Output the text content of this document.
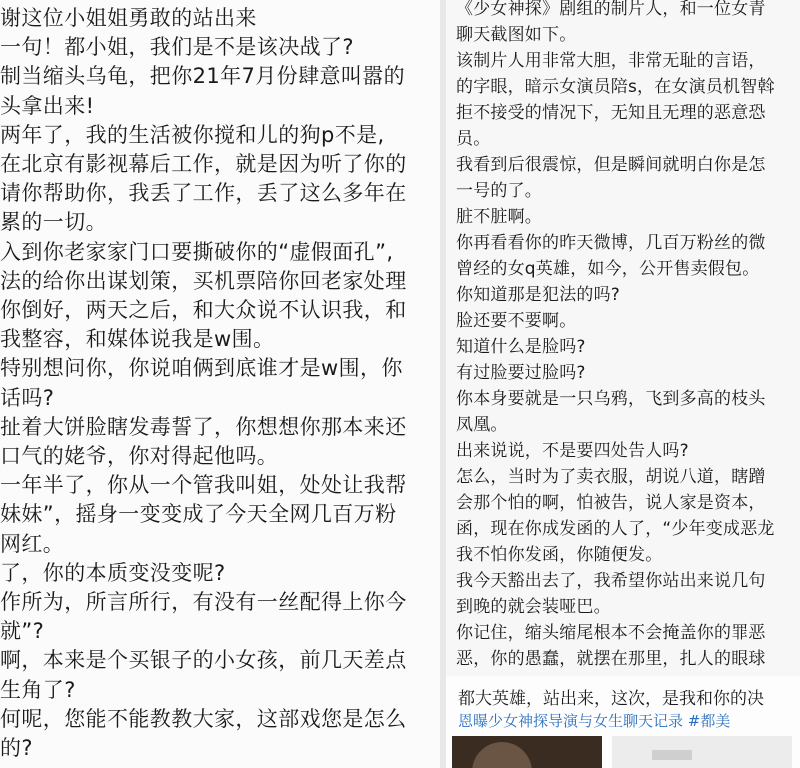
谢这位小姐姐勇敢的站出来
一句！都小姐，我们是不是该决战了?
制当缩头乌龟，把你21年7月份肆意叫嚣的
头拿出来!
两年了，我的生活被你搅和儿的狗p不是,
在北京有影视幕后工作，就是因为听了你的
请你帮助你，我丢了工作，丢了这么多年在
累的一切。
入到你老家家门口要撕破你的“虚假面孔”,
法的给你出谋划策，买机票陪你回老家处理
你倒好，两天之后，和大众说不认识我，和
我整容，和媒体说我是w围。
特别想问你，你说咱俩到底谁才是w围，你
话吗?
扯着大饼脸瞎发毒誓了，你想想你那本来还
口气的姥爷，你对得起他吗。
一年半了，你从一个管我叫姐，处处让我帮
妹妹”，摇身一变变成了今天全网几百万粉
网红。
了，你的本质变没变呢?
作所为，所言所行，有没有一丝配得上你今
就”?
啊，本来是个买银子的小女孩，前几天差点
生角了?
何呢，您能不能教教大家，这部戏您是怎么
的?
《少女神探》剧组的制片人，和一位女青
聊天截图如下。
该制片人用非常大胆，非常无耻的言语，
的字眼，暗示女演员陪s，在女演员机智斡
拒不接受的情况下，无知且无理的恶意恐
员。
我看到后很震惊，但是瞬间就明白你是怎
一号的了。
脏不脏啊。
你再看看你的昨天微博，几百万粉丝的微
曾经的女q英雄，如今，公开售卖假包。
你知道那是犯法的吗?
脸还要不要啊。
知道什么是脸吗?
有过脸要过脸吗?
你本身要就是一只乌鸦，飞到多高的枝头
凤凰。
出来说说，不是要四处告人吗?
怎么，当时为了卖衣服，胡说八道，瞎蹭
会那个怕的啊，怕被告，说人家是资本，
函，现在你成发函的人了，“少年变成恶龙
我不怕你发函，你随便发。
我今天豁出去了，我希望你站出来说几句
到晚的就会装哑巴。
你记住，缩头缩尾根本不会掩盖你的罪恶
恶，你的愚蠢，就摆在那里，扎人的眼球
都大英雄，站出来，这次，是我和你的决
恩曝少女神探导演与女生聊天记录 #都美
